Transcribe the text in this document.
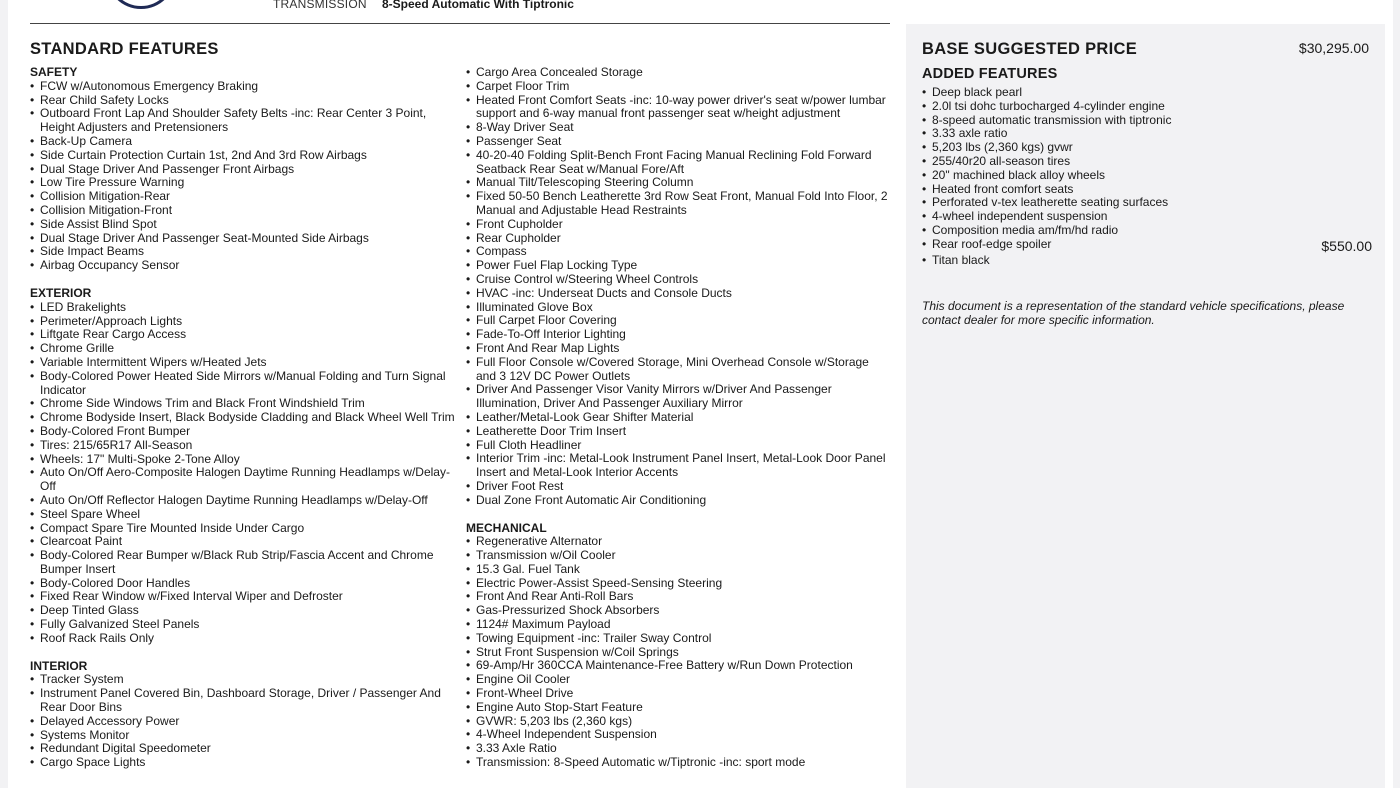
TRANSMISSION 8-Speed Automatic With Tiptronic
STANDARD FEATURES
SAFETY
• FCW w/Autonomous Emergency Braking
• Rear Child Safety Locks
• Outboard Front Lap And Shoulder Safety Belts -inc: Rear Center 3 Point, Height Adjusters and Pretensioners
• Back-Up Camera
• Side Curtain Protection Curtain 1st, 2nd And 3rd Row Airbags
• Dual Stage Driver And Passenger Front Airbags
• Low Tire Pressure Warning
• Collision Mitigation-Rear
• Collision Mitigation-Front
• Side Assist Blind Spot
• Dual Stage Driver And Passenger Seat-Mounted Side Airbags
• Side Impact Beams
• Airbag Occupancy Sensor
EXTERIOR
• LED Brakelights
• Perimeter/Approach Lights
• Liftgate Rear Cargo Access
• Chrome Grille
• Variable Intermittent Wipers w/Heated Jets
• Body-Colored Power Heated Side Mirrors w/Manual Folding and Turn Signal Indicator
• Chrome Side Windows Trim and Black Front Windshield Trim
• Chrome Bodyside Insert, Black Bodyside Cladding and Black Wheel Well Trim
• Body-Colored Front Bumper
• Tires: 215/65R17 All-Season
• Wheels: 17" Multi-Spoke 2-Tone Alloy
• Auto On/Off Aero-Composite Halogen Daytime Running Headlamps w/Delay-Off
• Auto On/Off Reflector Halogen Daytime Running Headlamps w/Delay-Off
• Steel Spare Wheel
• Compact Spare Tire Mounted Inside Under Cargo
• Clearcoat Paint
• Body-Colored Rear Bumper w/Black Rub Strip/Fascia Accent and Chrome Bumper Insert
• Body-Colored Door Handles
• Fixed Rear Window w/Fixed Interval Wiper and Defroster
• Deep Tinted Glass
• Fully Galvanized Steel Panels
• Roof Rack Rails Only
INTERIOR
• Tracker System
• Instrument Panel Covered Bin, Dashboard Storage, Driver / Passenger And Rear Door Bins
• Delayed Accessory Power
• Systems Monitor
• Redundant Digital Speedometer
• Cargo Space Lights
• Cargo Area Concealed Storage
• Carpet Floor Trim
• Heated Front Comfort Seats -inc: 10-way power driver's seat w/power lumbar support and 6-way manual front passenger seat w/height adjustment
• 8-Way Driver Seat
• Passenger Seat
• 40-20-40 Folding Split-Bench Front Facing Manual Reclining Fold Forward Seatback Rear Seat w/Manual Fore/Aft
• Manual Tilt/Telescoping Steering Column
• Fixed 50-50 Bench Leatherette 3rd Row Seat Front, Manual Fold Into Floor, 2 Manual and Adjustable Head Restraints
• Front Cupholder
• Rear Cupholder
• Compass
• Power Fuel Flap Locking Type
• Cruise Control w/Steering Wheel Controls
• HVAC -inc: Underseat Ducts and Console Ducts
• Illuminated Glove Box
• Full Carpet Floor Covering
• Fade-To-Off Interior Lighting
• Front And Rear Map Lights
• Full Floor Console w/Covered Storage, Mini Overhead Console w/Storage and 3 12V DC Power Outlets
• Driver And Passenger Visor Vanity Mirrors w/Driver And Passenger Illumination, Driver And Passenger Auxiliary Mirror
• Leather/Metal-Look Gear Shifter Material
• Leatherette Door Trim Insert
• Full Cloth Headliner
• Interior Trim -inc: Metal-Look Instrument Panel Insert, Metal-Look Door Panel Insert and Metal-Look Interior Accents
• Driver Foot Rest
• Dual Zone Front Automatic Air Conditioning
MECHANICAL
• Regenerative Alternator
• Transmission w/Oil Cooler
• 15.3 Gal. Fuel Tank
• Electric Power-Assist Speed-Sensing Steering
• Front And Rear Anti-Roll Bars
• Gas-Pressurized Shock Absorbers
• 1124# Maximum Payload
• Towing Equipment -inc: Trailer Sway Control
• Strut Front Suspension w/Coil Springs
• 69-Amp/Hr 360CCA Maintenance-Free Battery w/Run Down Protection
• Engine Oil Cooler
• Front-Wheel Drive
• Engine Auto Stop-Start Feature
• GVWR: 5,203 lbs (2,360 kgs)
• 4-Wheel Independent Suspension
• 3.33 Axle Ratio
• Transmission: 8-Speed Automatic w/Tiptronic -inc: sport mode
BASE SUGGESTED PRICE	$30,295.00
ADDED FEATURES
• Deep black pearl
• 2.0l tsi dohc turbocharged 4-cylinder engine
• 8-speed automatic transmission with tiptronic
• 3.33 axle ratio
• 5,203 lbs (2,360 kgs) gvwr
• 255/40r20 all-season tires
• 20" machined black alloy wheels
• Heated front comfort seats
• Perforated v-tex leatherette seating surfaces
• 4-wheel independent suspension
• Composition media am/fm/hd radio
• Rear roof-edge spoiler	$550.00
• Titan black
This document is a representation of the standard vehicle specifications, please contact dealer for more specific information.
